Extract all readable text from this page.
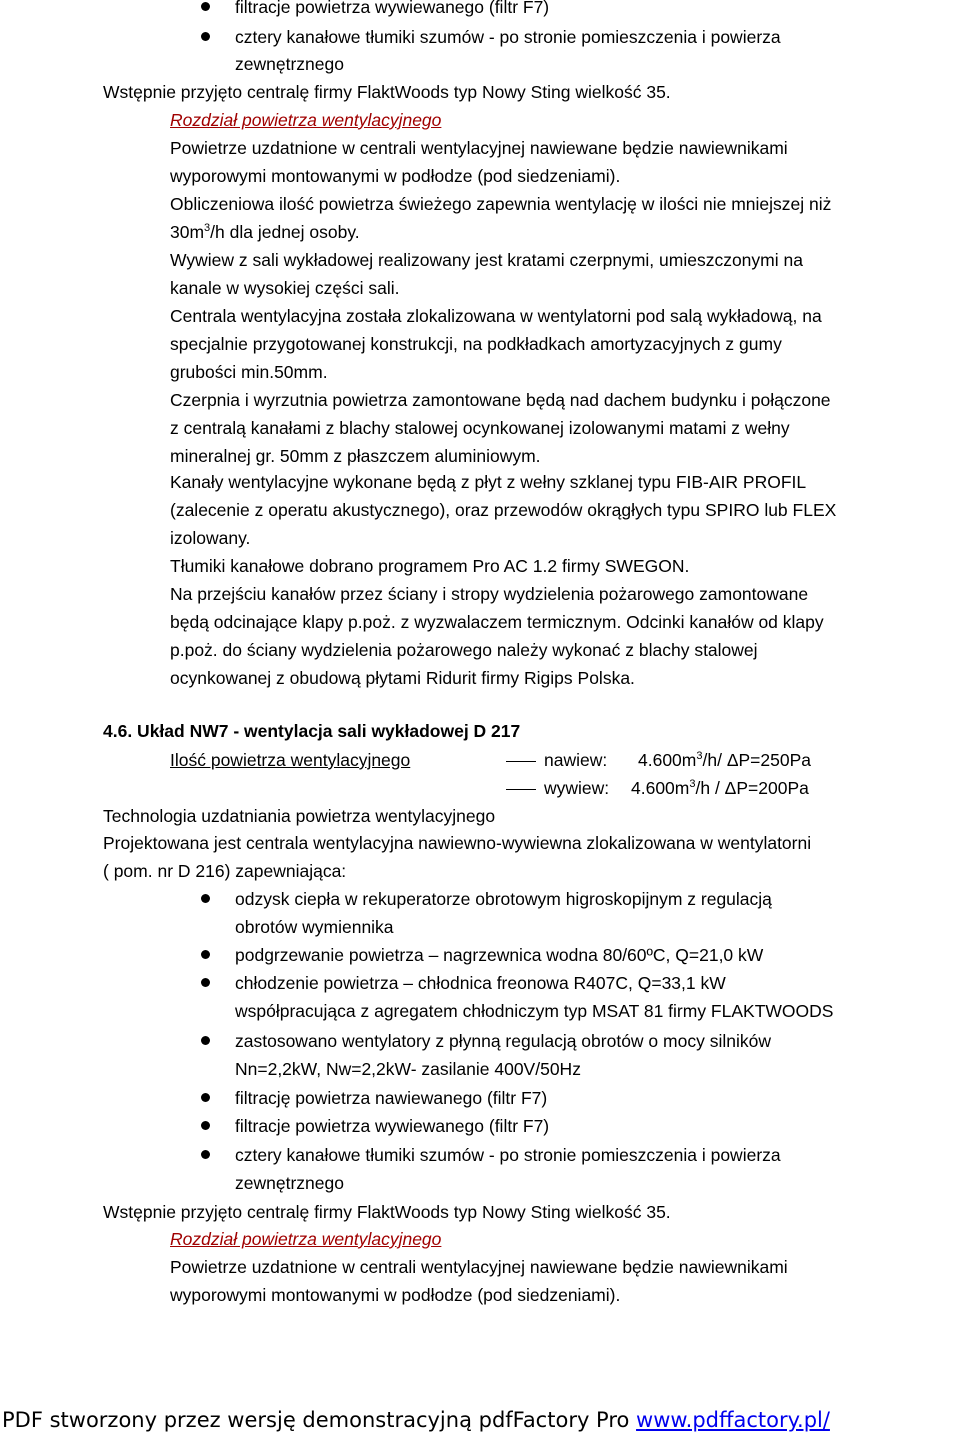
filtracje powietrza wywiewanego (filtr F7)
cztery kanałowe tłumiki szumów - po stronie pomieszczenia i powierza
zewnętrznego
Wstępnie przyjęto centralę firmy FlaktWoods typ Nowy Sting wielkość 35.
Rozdział powietrza wentylacyjnego
Powietrze uzdatnione w centrali wentylacyjnej nawiewane będzie nawiewnikami
wyporowymi montowanymi w podłodze (pod siedzeniami).
Obliczeniowa ilość powietrza świeżego zapewnia wentylację w ilości nie mniejszej niż
$30m^3/h$ dla jednej osoby.
Wywiew z sali wykładowej realizowany jest kratami czerpnymi, umieszczonymi na
kanale w wysokiej części sali.
Centrala wentylacyjna została zlokalizowana w wentylatorni pod salą wykładową, na
specjalnie przygotowanej konstrukcji, na podkładkach amortyzacyjnych z gumy
grubości min.50mm.
Czerpnia i wyrzutnia powietrza zamontowane będą nad dachem budynku i połączone
z centralą kanałami z blachy stalowej ocynkowanej izolowanymi matami z wełny
mineralnej gr. 50mm z płaszczem aluminiowym.
Kanały wentylacyjne wykonane będą z płyt z wełny szklanej typu FIB-AIR PROFIL
(zalecenie z operatu akustycznego), oraz przewodów okrągłych typu SPIRO lub FLEX
izolowany.
Tłumiki kanałowe dobrano programem Pro AC 1.2 firmy SWEGON.
Na przejściu kanałów przez ściany i stropy wydzielenia pożarowego zamontowane
będą odcinające klapy p.poż. z wyzwalaczem termicznym. Odcinki kanałów od klapy
p.poż. do ściany wydzielenia pożarowego należy wykonać z blachy stalowej
ocynkowanej z obudową płytami Ridurit firmy Rigips Polska.
4.6. Układ NW7 - wentylacja sali wykładowej D 217
Ilość powietrza wentylacyjnego	nawiew: $4.600m^3/h/$ ΔP=250Pa
wywiew: $4.600m^3/h / \Delta P=200Pa$
Technologia uzdatniania powietrza wentylacyjnego
Projektowana jest centrala wentylacyjna nawiewno-wywiewna zlokalizowana w wentylatorni
( pom. nr D 216) zapewniająca:
odzysk ciepła w rekuperatorze obrotowym higroskopijnym z regulacją
obrotów wymiennika
podgrzewanie powietrza – nagrzewnica wodna 80/60ºC, Q=21,0 kW
chłodzenie powietrza – chłodnica freonowa R407C, Q=33,1 kW
współpracująca z agregatem chłodniczym typ MSAT 81 firmy FLAKTWOODS
zastosowano wentylatory z płynną regulacją obrotów o mocy silników
Nn=2,2kW, Nw=2,2kW- zasilanie 400V/50Hz
filtrację powietrza nawiewanego (filtr F7)
filtracje powietrza wywiewanego (filtr F7)
cztery kanałowe tłumiki szumów - po stronie pomieszczenia i powierza
zewnętrznego
Wstępnie przyjęto centralę firmy FlaktWoods typ Nowy Sting wielkość 35.
Rozdział powietrza wentylacyjnego
Powietrze uzdatnione w centrali wentylacyjnej nawiewane będzie nawiewnikami
wyporowymi montowanymi w podłodze (pod siedzeniami).
PDF stworzony przez wersję demonstracyjną pdfFactory Pro www.pdffactory.pl/
